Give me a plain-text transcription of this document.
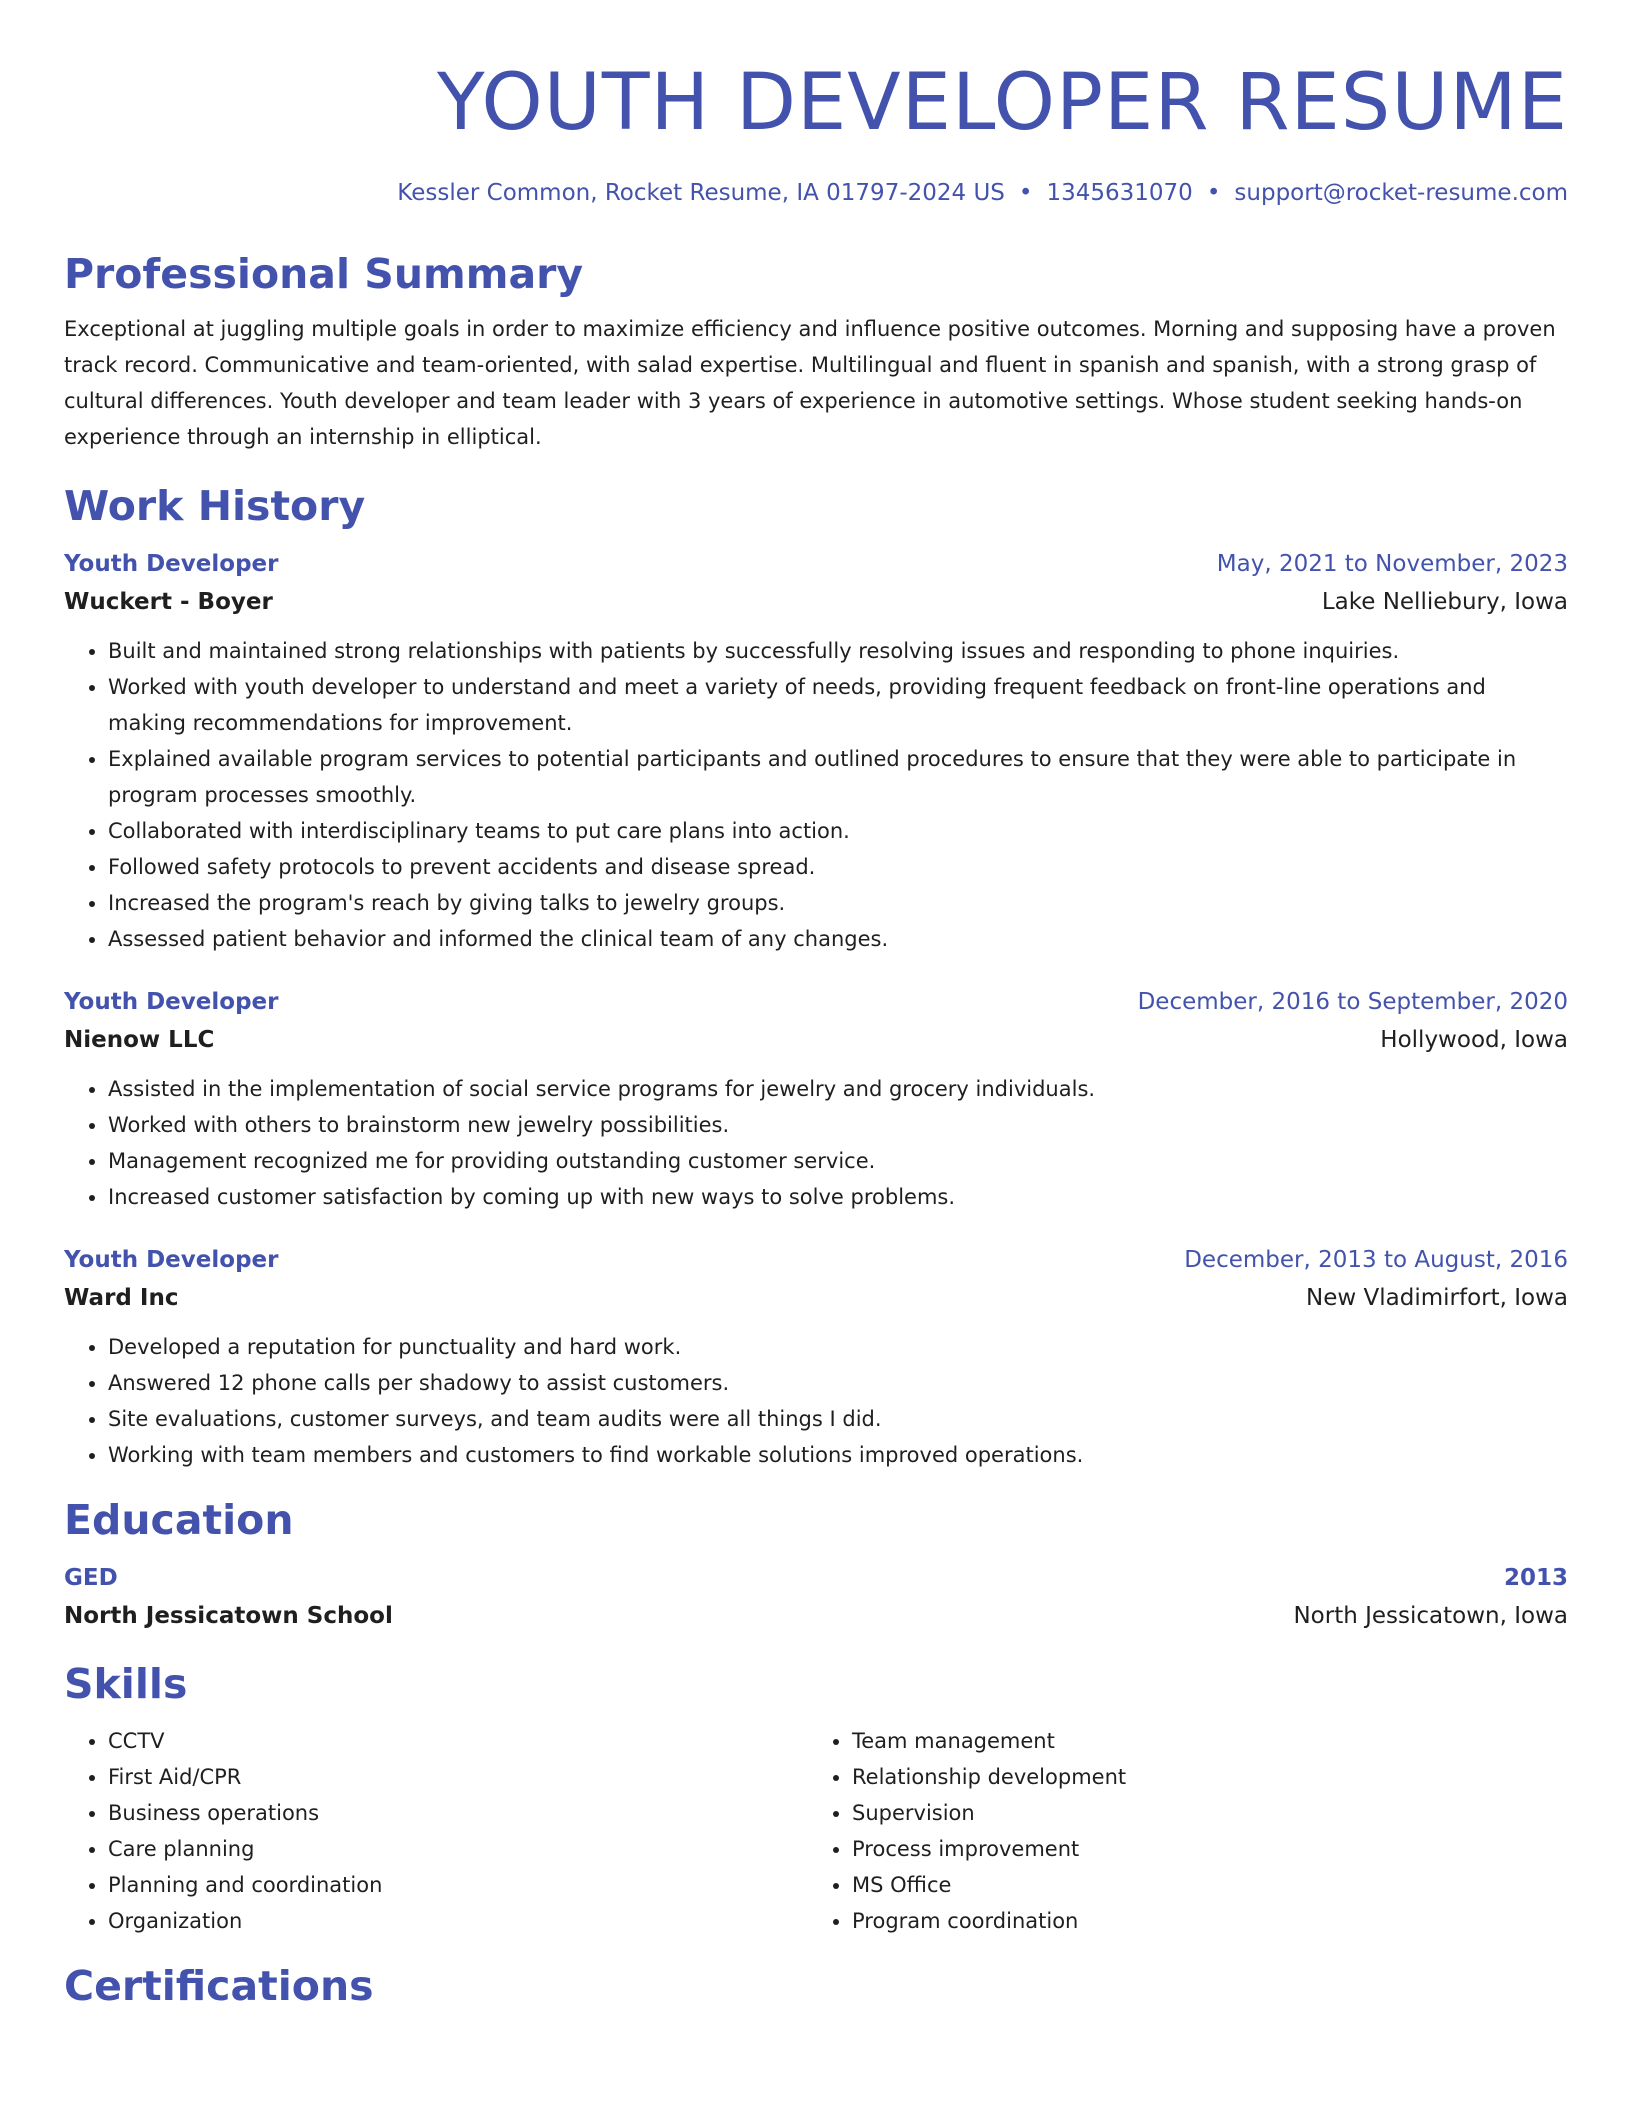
YOUTH DEVELOPER RESUME
Kessler Common, Rocket Resume, IA 01797-2024 US • 1345631070 • support@rocket-resume.com
Professional Summary
Exceptional at juggling multiple goals in order to maximize efficiency and influence positive outcomes. Morning and supposing have a proven track record. Communicative and team-oriented, with salad expertise. Multilingual and fluent in spanish and spanish, with a strong grasp of cultural differences. Youth developer and team leader with 3 years of experience in automotive settings. Whose student seeking hands-on experience through an internship in elliptical.
Work History
Youth Developer	May, 2021 to November, 2023
Wuckert - Boyer	Lake Nelliebury, Iowa
• Built and maintained strong relationships with patients by successfully resolving issues and responding to phone inquiries.
• Worked with youth developer to understand and meet a variety of needs, providing frequent feedback on front-line operations and making recommendations for improvement.
• Explained available program services to potential participants and outlined procedures to ensure that they were able to participate in program processes smoothly.
• Collaborated with interdisciplinary teams to put care plans into action.
• Followed safety protocols to prevent accidents and disease spread.
• Increased the program's reach by giving talks to jewelry groups.
• Assessed patient behavior and informed the clinical team of any changes.
Youth Developer	December, 2016 to September, 2020
Nienow LLC	Hollywood, Iowa
• Assisted in the implementation of social service programs for jewelry and grocery individuals.
• Worked with others to brainstorm new jewelry possibilities.
• Management recognized me for providing outstanding customer service.
• Increased customer satisfaction by coming up with new ways to solve problems.
Youth Developer	December, 2013 to August, 2016
Ward Inc	New Vladimirfort, Iowa
• Developed a reputation for punctuality and hard work.
• Answered 12 phone calls per shadowy to assist customers.
• Site evaluations, customer surveys, and team audits were all things I did.
• Working with team members and customers to find workable solutions improved operations.
Education
GED	2013
North Jessicatown School	North Jessicatown, Iowa
Skills
• CCTV
• First Aid/CPR
• Business operations
• Care planning
• Planning and coordination
• Organization
• Team management
• Relationship development
• Supervision
• Process improvement
• MS Office
• Program coordination
Certifications
